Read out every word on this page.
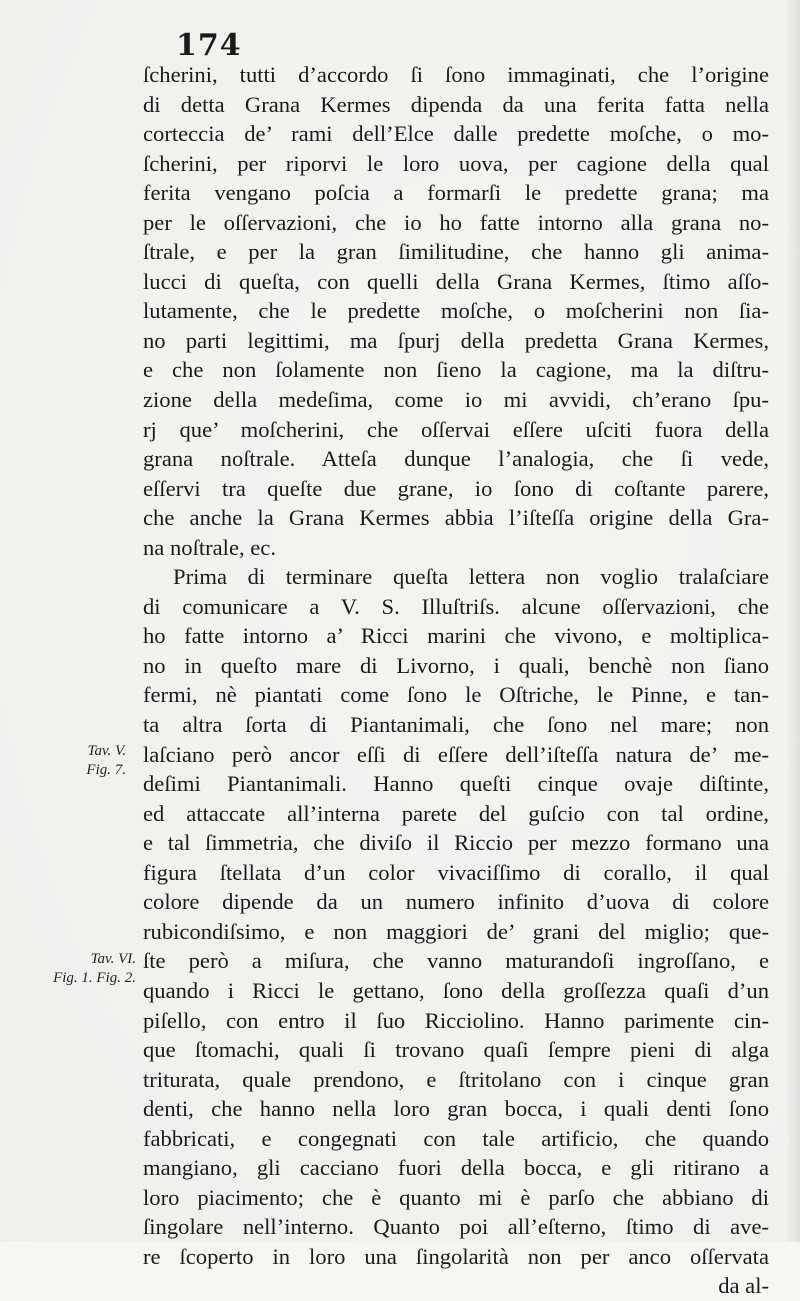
174

ſcherini, tutti d’accordo ſi ſono immaginati, che l’origine
di detta Grana Kermes dipenda da una ferita fatta nella
corteccia de’ rami dell’Elce dalle predette moſche, o mo-
ſcherini, per riporvi le loro uova, per cagione della qual
ferita vengano poſcia a formarſi le predette grana; ma
per le oſſervazioni, che io ho fatte intorno alla grana no-
ſtrale, e per la gran ſimilitudine, che hanno gli anima-
lucci di queſta, con quelli della Grana Kermes, ſtimo aſſo-
lutamente, che le predette moſche, o moſcherini non ſia-
no parti legittimi, ma ſpurj della predetta Grana Kermes,
e che non ſolamente non ſieno la cagione, ma la diſtru-
zione della medeſima, come io mi avvidi, ch’erano ſpu-
rj que’ moſcherini, che oſſervai eſſere uſciti fuora della
grana noſtrale. Atteſa dunque l’analogia, che ſi vede,
eſſervi tra queſte due grane, io ſono di coſtante parere,
che anche la Grana Kermes abbia l’iſteſſa origine della Gra-
na noſtrale, ec.
Prima di terminare queſta lettera non voglio tralaſciare
di comunicare a V. S. Illuſtriſs. alcune oſſervazioni, che
ho fatte intorno a’ Ricci marini che vivono, e moltiplica-
no in queſto mare di Livorno, i quali, benchè non ſiano
fermi, nè piantati come ſono le Oſtriche, le Pinne, e tan-
ta altra ſorta di Piantanimali, che ſono nel mare; non
laſciano però ancor eſſi di eſſere dell’iſteſſa natura de’ me-
deſimi Piantanimali. Hanno queſti cinque ovaje diſtinte,
ed attaccate all’interna parete del guſcio con tal ordine,
e tal ſimmetria, che diviſo il Riccio per mezzo formano una
figura ſtellata d’un color vivaciſſimo di corallo, il qual
colore dipende da un numero infinito d’uova di colore
rubicondiſsimo, e non maggiori de’ grani del miglio; que-
ſte però a miſura, che vanno maturandoſi ingroſſano, e
quando i Ricci le gettano, ſono della groſſezza quaſi d’un
piſello, con entro il ſuo Ricciolino. Hanno parimente cin-
que ſtomachi, quali ſi trovano quaſi ſempre pieni di alga
triturata, quale prendono, e ſtritolano con i cinque gran
denti, che hanno nella loro gran bocca, i quali denti ſono
fabbricati, e congegnati con tale artificio, che quando
mangiano, gli cacciano fuori della bocca, e gli ritirano a
loro piacimento; che è quanto mi è parſo che abbiano di
ſingolare nell’interno. Quanto poi all’eſterno, ſtimo di ave-
re ſcoperto in loro una ſingolarità non per anco oſſervata
da al-
Tav. V.
Fig. 7.
Tav. VI.
Fig. 1. Fig. 2.
